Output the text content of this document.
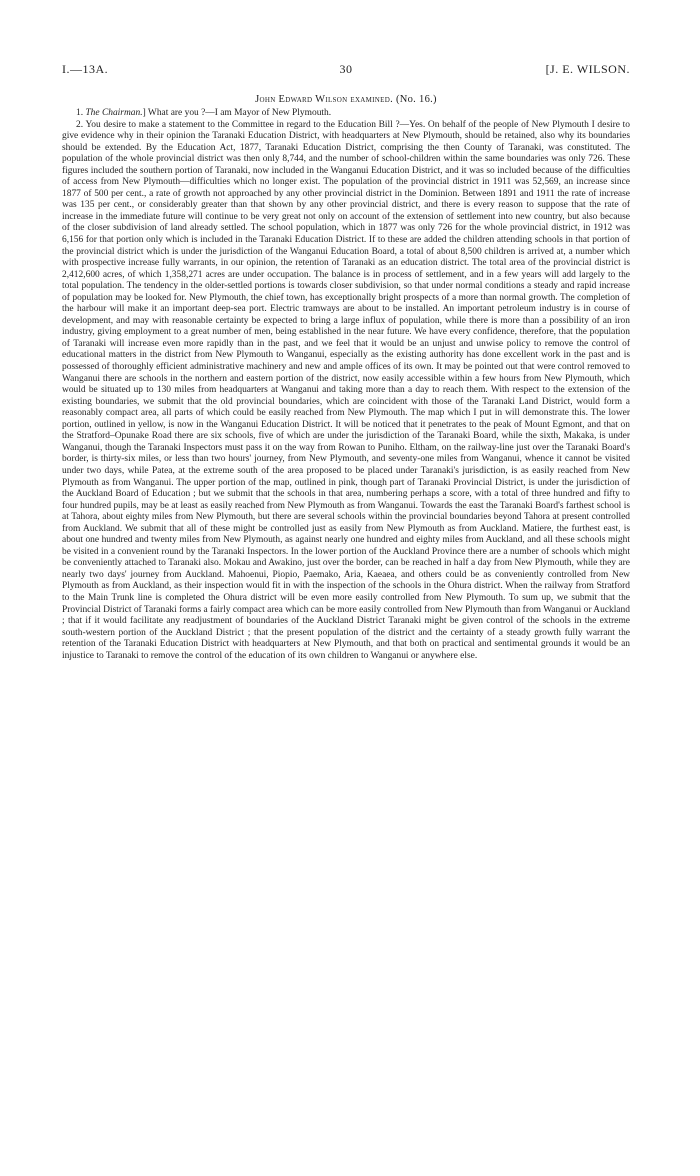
I.—13A.	30	[J. E. WILSON.
John Edward Wilson examined. (No. 16.)

1. The Chairman.] What are you ?—I am Mayor of New Plymouth.

2. You desire to make a statement to the Committee in regard to the Education Bill ?—Yes. On behalf of the people of New Plymouth I desire to give evidence why in their opinion the Taranaki Education District, with headquarters at New Plymouth, should be retained, also why its boundaries should be extended. By the Education Act, 1877, Taranaki Education District, comprising the then County of Taranaki, was constituted. The population of the whole provincial district was then only 8,744, and the number of school-children within the same boundaries was only 726. These figures included the southern portion of Taranaki, now included in the Wanganui Education District, and it was so included because of the difficulties of access from New Plymouth—difficulties which no longer exist. The population of the provincial district in 1911 was 52,569, an increase since 1877 of 500 per cent., a rate of growth not approached by any other provincial district in the Dominion. Between 1891 and 1911 the rate of increase was 135 per cent., or considerably greater than that shown by any other provincial district, and there is every reason to suppose that the rate of increase in the immediate future will continue to be very great not only on account of the extension of settlement into new country, but also because of the closer subdivision of land already settled. The school population, which in 1877 was only 726 for the whole provincial district, in 1912 was 6,156 for that portion only which is included in the Taranaki Education District. If to these are added the children attending schools in that portion of the provincial district which is under the jurisdiction of the Wanganui Education Board, a total of about 8,500 children is arrived at, a number which with prospective increase fully warrants, in our opinion, the retention of Taranaki as an education district. The total area of the provincial district is 2,412,600 acres, of which 1,358,271 acres are under occupation. The balance is in process of settlement, and in a few years will add largely to the total population. The tendency in the older-settled portions is towards closer subdivision, so that under normal conditions a steady and rapid increase of population may be looked for. New Plymouth, the chief town, has exceptionally bright prospects of a more than normal growth. The completion of the harbour will make it an important deep-sea port. Electric tramways are about to be installed. An important petroleum industry is in course of development, and may with reasonable certainty be expected to bring a large influx of population, while there is more than a possibility of an iron industry, giving employment to a great number of men, being established in the near future. We have every confidence, therefore, that the population of Taranaki will increase even more rapidly than in the past, and we feel that it would be an unjust and unwise policy to remove the control of educational matters in the district from New Plymouth to Wanganui, especially as the existing authority has done excellent work in the past and is possessed of thoroughly efficient administrative machinery and new and ample offices of its own. It may be pointed out that were control removed to Wanganui there are schools in the northern and eastern portion of the district, now easily accessible within a few hours from New Plymouth, which would be situated up to 130 miles from headquarters at Wanganui and taking more than a day to reach them. With respect to the extension of the existing boundaries, we submit that the old provincial boundaries, which are coincident with those of the Taranaki Land District, would form a reasonably compact area, all parts of which could be easily reached from New Plymouth. The map which I put in will demonstrate this. The lower portion, outlined in yellow, is now in the Wanganui Education District. It will be noticed that it penetrates to the peak of Mount Egmont, and that on the Stratford–Opunake Road there are six schools, five of which are under the jurisdiction of the Taranaki Board, while the sixth, Makaka, is under Wanganui, though the Taranaki Inspectors must pass it on the way from Rowan to Puniho. Eltham, on the railway-line just over the Taranaki Board's border, is thirty-six miles, or less than two hours' journey, from New Plymouth, and seventy-one miles from Wanganui, whence it cannot be visited under two days, while Patea, at the extreme south of the area proposed to be placed under Taranaki's jurisdiction, is as easily reached from New Plymouth as from Wanganui. The upper portion of the map, outlined in pink, though part of Taranaki Provincial District, is under the jurisdiction of the Auckland Board of Education ; but we submit that the schools in that area, numbering perhaps a score, with a total of three hundred and fifty to four hundred pupils, may be at least as easily reached from New Plymouth as from Wanganui. Towards the east the Taranaki Board's farthest school is at Tahora, about eighty miles from New Plymouth, but there are several schools within the provincial boundaries beyond Tahora at present controlled from Auckland. We submit that all of these might be controlled just as easily from New Plymouth as from Auckland. Matiere, the furthest east, is about one hundred and twenty miles from New Plymouth, as against nearly one hundred and eighty miles from Auckland, and all these schools might be visited in a convenient round by the Taranaki Inspectors. In the lower portion of the Auckland Province there are a number of schools which might be conveniently attached to Taranaki also. Mokau and Awakino, just over the border, can be reached in half a day from New Plymouth, while they are nearly two days' journey from Auckland. Mahoenui, Piopio, Paemako, Aria, Kaeaea, and others could be as conveniently controlled from New Plymouth as from Auckland, as their inspection would fit in with the inspection of the schools in the Ohura district. When the railway from Stratford to the Main Trunk line is completed the Ohura district will be even more easily controlled from New Plymouth. To sum up, we submit that the Provincial District of Taranaki forms a fairly compact area which can be more easily controlled from New Plymouth than from Wanganui or Auckland ; that if it would facilitate any readjustment of boundaries of the Auckland District Taranaki might be given control of the schools in the extreme south-western portion of the Auckland District ; that the present population of the district and the certainty of a steady growth fully warrant the retention of the Taranaki Education District with headquarters at New Plymouth, and that both on practical and sentimental grounds it would be an injustice to Taranaki to remove the control of the education of its own children to Wanganui or anywhere else.
